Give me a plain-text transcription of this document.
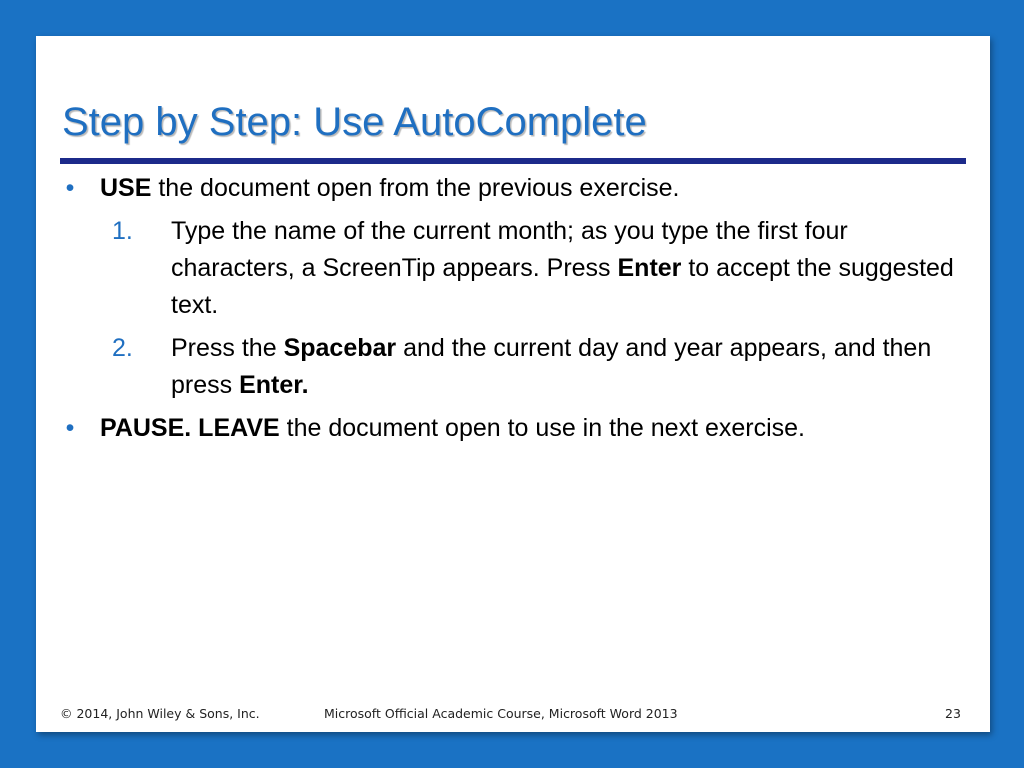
Step by Step: Use AutoComplete
• USE the document open from the previous exercise.
1. Type the name of the current month; as you type the first four characters, a ScreenTip appears. Press Enter to accept the suggested text.
2. Press the Spacebar and the current day and year appears, and then press Enter.
• PAUSE. LEAVE the document open to use in the next exercise.
© 2014, John Wiley & Sons, Inc.	Microsoft Official Academic Course, Microsoft Word 2013	23
